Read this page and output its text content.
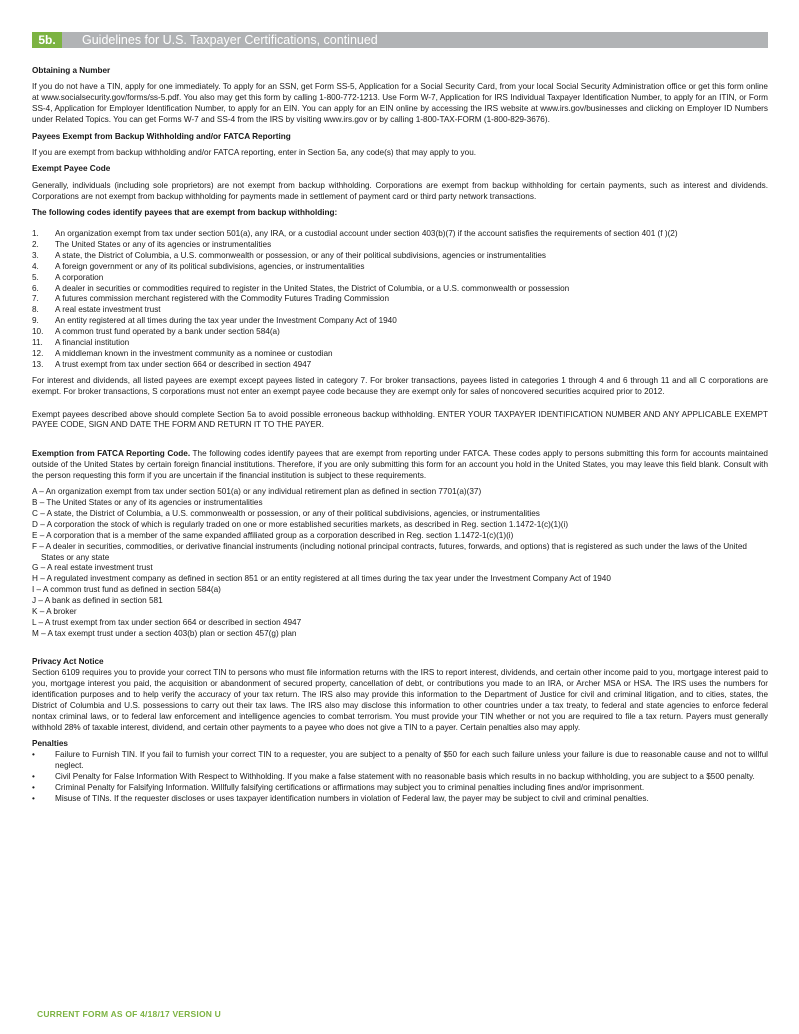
5b.	Guidelines for U.S. Taxpayer Certifications, continued
Obtaining a Number

If you do not have a TIN, apply for one immediately. To apply for an SSN, get Form SS-5, Application for a Social Security Card, from your local Social Security Administration office or get this form online at www.socialsecurity.gov/forms/ss-5.pdf. You also may get this form by calling 1-800-772-1213. Use Form W-7, Application for IRS Individual Taxpayer Identification Number, to apply for an ITIN, or Form SS-4, Application for Employer Identification Number, to apply for an EIN. You can apply for an EIN online by accessing the IRS website at www.irs.gov/businesses and clicking on Employer ID Numbers under Related Topics. You can get Forms W-7 and SS-4 from the IRS by visiting www.irs.gov or by calling 1-800-TAX-FORM (1-800-829-3676).

Payees Exempt from Backup Withholding and/or FATCA Reporting

If you are exempt from backup withholding and/or FATCA reporting, enter in Section 5a, any code(s) that may apply to you.

Exempt Payee Code

Generally, individuals (including sole proprietors) are not exempt from backup withholding. Corporations are exempt from backup withholding for certain payments, such as interest and dividends. Corporations are not exempt from backup withholding for payments made in settlement of payment card or third party network transactions.

The following codes identify payees that are exempt from backup withholding:
1.	An organization exempt from tax under section 501(a), any IRA, or a custodial account under section 403(b)(7) if the account satisfies the requirements of section 401 (f )(2)
2.	The United States or any of its agencies or instrumentalities
3.	A state, the District of Columbia, a U.S. commonwealth or possession, or any of their political subdivisions, agencies or instrumentalities
4.	A foreign government or any of its political subdivisions, agencies, or instrumentalities
5.	A corporation
6.	A dealer in securities or commodities required to register in the United States, the District of Columbia, or a U.S. commonwealth or possession
7.	A futures commission merchant registered with the Commodity Futures Trading Commission
8.	A real estate investment trust
9.	An entity registered at all times during the tax year under the Investment Company Act of 1940
10.	A common trust fund operated by a bank under section 584(a)
11.	A financial institution
12.	A middleman known in the investment community as a nominee or custodian
13.	A trust exempt from tax under section 664 or described in section 4947

For interest and dividends, all listed payees are exempt except payees listed in category 7. For broker transactions, payees listed in categories 1 through 4 and 6 through 11 and all C corporations are exempt. For broker transactions, S corporations must not enter an exempt payee code because they are exempt only for sales of noncovered securities acquired prior to 2012.

Exempt payees described above should complete Section 5a to avoid possible erroneous backup withholding. ENTER YOUR TAXPAYER IDENTIFICATION NUMBER AND ANY APPLICABLE EXEMPT PAYEE CODE, SIGN AND DATE THE FORM AND RETURN IT TO THE PAYER.

Exemption from FATCA Reporting Code. The following codes identify payees that are exempt from reporting under FATCA. These codes apply to persons submitting this form for accounts maintained outside of the United States by certain foreign financial institutions. Therefore, if you are only submitting this form for an account you hold in the United States, you may leave this field blank. Consult with the person requesting this form if you are uncertain if the financial institution is subject to these requirements.

A – An organization exempt from tax under section 501(a) or any individual retirement plan as defined in section 7701(a)(37)
B – The United States or any of its agencies or instrumentalities
C – A state, the District of Columbia, a U.S. commonwealth or possession, or any of their political subdivisions, agencies, or instrumentalities
D – A corporation the stock of which is regularly traded on one or more established securities markets, as described in Reg. section 1.1472-1(c)(1)(i)
E – A corporation that is a member of the same expanded affiliated group as a corporation described in Reg. section 1.1472-1(c)(1)(i)
F – A dealer in securities, commodities, or derivative financial instruments (including notional principal contracts, futures, forwards, and options) that is registered as such under the laws of the United States or any state
G – A real estate investment trust
H – A regulated investment company as defined in section 851 or an entity registered at all times during the tax year under the Investment Company Act of 1940
I – A common trust fund as defined in section 584(a)
J – A bank as defined in section 581
K – A broker
L – A trust exempt from tax under section 664 or described in section 4947
M – A tax exempt trust under a section 403(b) plan or section 457(g) plan
Privacy Act Notice

Section 6109 requires you to provide your correct TIN to persons who must file information returns with the IRS to report interest, dividends, and certain other income paid to you, mortgage interest paid to you, mortgage interest you paid, the acquisition or abandonment of secured property, cancellation of debt, or contributions you made to an IRA, or Archer MSA or HSA. The IRS uses the numbers for identification purposes and to help verify the accuracy of your tax return. The IRS also may provide this information to the Department of Justice for civil and criminal litigation, and to cities, states, the District of Columbia and U.S. possessions to carry out their tax laws. The IRS also may disclose this information to other countries under a tax treaty, to federal and state agencies to enforce federal nontax criminal laws, or to federal law enforcement and intelligence agencies to combat terrorism. You must provide your TIN whether or not you are required to file a tax return. Payers must generally withhold 28% of taxable interest, dividend, and certain other payments to a payee who does not give a TIN to a payer. Certain penalties also may apply.

Penalties
• Failure to Furnish TIN. If you fail to furnish your correct TIN to a requester, you are subject to a penalty of $50 for each such failure unless your failure is due to reasonable cause and not to willful neglect.
• Civil Penalty for False Information With Respect to Withholding. If you make a false statement with no reasonable basis which results in no backup withholding, you are subject to a $500 penalty.
• Criminal Penalty for Falsifying Information. Willfully falsifying certifications or affirmations may subject you to criminal penalties including fines and/or imprisonment.
• Misuse of TINs. If the requester discloses or uses taxpayer identification numbers in violation of Federal law, the payer may be subject to civil and criminal penalties.
CURRENT FORM AS OF 4/18/17 VERSION U
